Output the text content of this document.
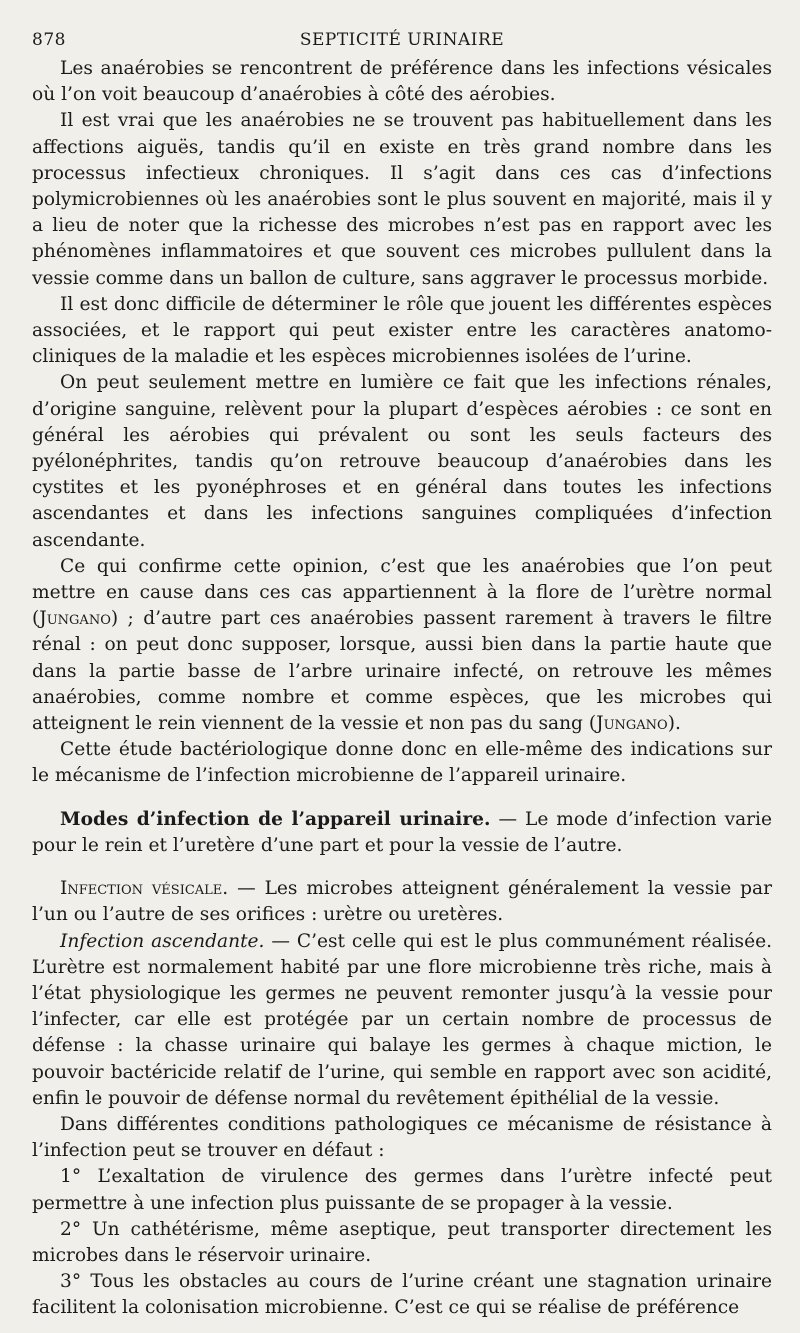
878	SEPTICITÉ URINAIRE

Les anaérobies se rencontrent de préférence dans les infections vésicales où l’on voit beaucoup d’anaérobies à côté des aérobies.

Il est vrai que les anaérobies ne se trouvent pas habituellement dans les affections aiguës, tandis qu’il en existe en très grand nombre dans les processus infectieux chroniques. Il s’agit dans ces cas d’infections polymicrobiennes où les anaérobies sont le plus souvent en majorité, mais il y a lieu de noter que la richesse des microbes n’est pas en rapport avec les phénomènes inflammatoires et que souvent ces microbes pullulent dans la vessie comme dans un ballon de culture, sans aggraver le processus morbide.

Il est donc difficile de déterminer le rôle que jouent les différentes espèces associées, et le rapport qui peut exister entre les caractères anatomo-cliniques de la maladie et les espèces microbiennes isolées de l’urine.

On peut seulement mettre en lumière ce fait que les infections rénales, d’origine sanguine, relèvent pour la plupart d’espèces aérobies : ce sont en général les aérobies qui prévalent ou sont les seuls facteurs des pyélonéphrites, tandis qu’on retrouve beaucoup d’anaérobies dans les cystites et les pyonéphroses et en général dans toutes les infections ascendantes et dans les infections sanguines compliquées d’infection ascendante.

Ce qui confirme cette opinion, c’est que les anaérobies que l’on peut mettre en cause dans ces cas appartiennent à la flore de l’urètre normal (Jungano) ; d’autre part ces anaérobies passent rarement à travers le filtre rénal : on peut donc supposer, lorsque, aussi bien dans la partie haute que dans la partie basse de l’arbre urinaire infecté, on retrouve les mêmes anaérobies, comme nombre et comme espèces, que les microbes qui atteignent le rein viennent de la vessie et non pas du sang (Jungano).

Cette étude bactériologique donne donc en elle-même des indications sur le mécanisme de l’infection microbienne de l’appareil urinaire.

Modes d’infection de l’appareil urinaire. — Le mode d’infection varie pour le rein et l’uretère d’une part et pour la vessie de l’autre.

Infection vésicale. — Les microbes atteignent généralement la vessie par l’un ou l’autre de ses orifices : urètre ou uretères.

Infection ascendante. — C’est celle qui est le plus communément réalisée. L’urètre est normalement habité par une flore microbienne très riche, mais à l’état physiologique les germes ne peuvent remonter jusqu’à la vessie pour l’infecter, car elle est protégée par un certain nombre de processus de défense : la chasse urinaire qui balaye les germes à chaque miction, le pouvoir bactéricide relatif de l’urine, qui semble en rapport avec son acidité, enfin le pouvoir de défense normal du revêtement épithélial de la vessie.

Dans différentes conditions pathologiques ce mécanisme de résistance à l’infection peut se trouver en défaut :

1° L’exaltation de virulence des germes dans l’urètre infecté peut permettre à une infection plus puissante de se propager à la vessie.

2° Un cathétérisme, même aseptique, peut transporter directement les microbes dans le réservoir urinaire.

3° Tous les obstacles au cours de l’urine créant une stagnation urinaire facilitent la colonisation microbienne. C’est ce qui se réalise de préférence
